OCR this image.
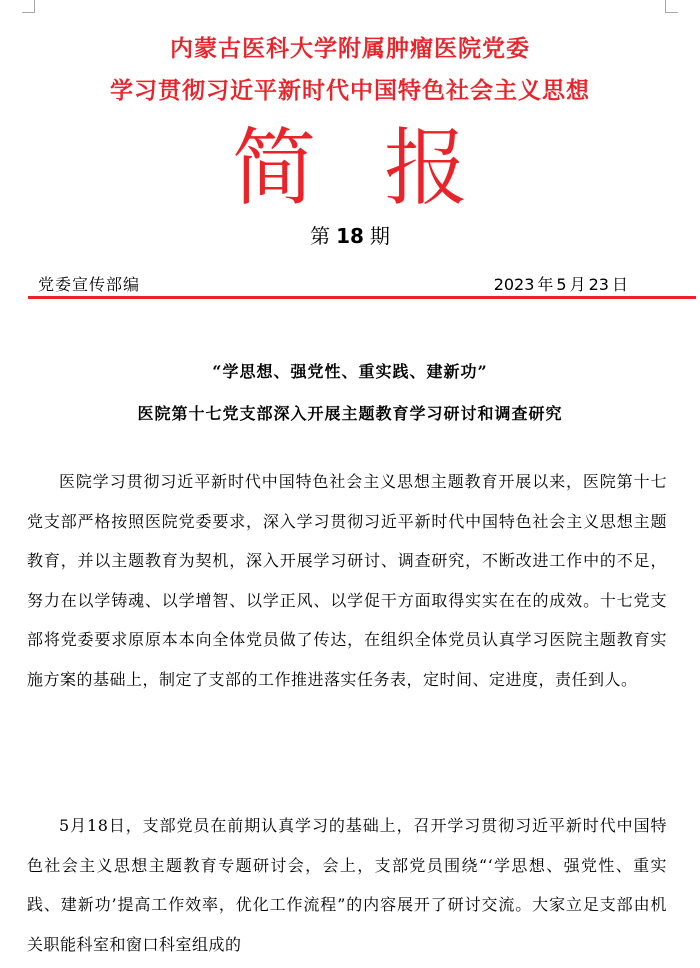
内蒙古医科大学附属肿瘤医院党委
学习贯彻习近平新时代中国特色社会主义思想
简 报
第 18 期
党委宣传部编	2023 年 5 月 23 日
“学思想、强党性、重实践、建新功”
医院第十七党支部深入开展主题教育学习研讨和调查研究

医院学习贯彻习近平新时代中国特色社会主义思想主题教育开展以来，医院第十七党支部严格按照医院党委要求，深入学习贯彻习近平新时代中国特色社会主义思想主题教育，并以主题教育为契机，深入开展学习研讨、调查研究，不断改进工作中的不足，努力在以学铸魂、以学增智、以学正风、以学促干方面取得实实在在的成效。十七党支部将党委要求原原本本向全体党员做了传达，在组织全体党员认真学习医院主题教育实施方案的基础上，制定了支部的工作推进落实任务表，定时间、定进度，责任到人。

5月18日，支部党员在前期认真学习的基础上，召开学习贯彻习近平新时代中国特色社会主义思想主题教育专题研讨会，会上，支部党员围绕“‘学思想、强党性、重实践、建新功’提高工作效率，优化工作流程”的内容展开了研讨交流。大家立足支部由机关职能科室和窗口科室组成的
